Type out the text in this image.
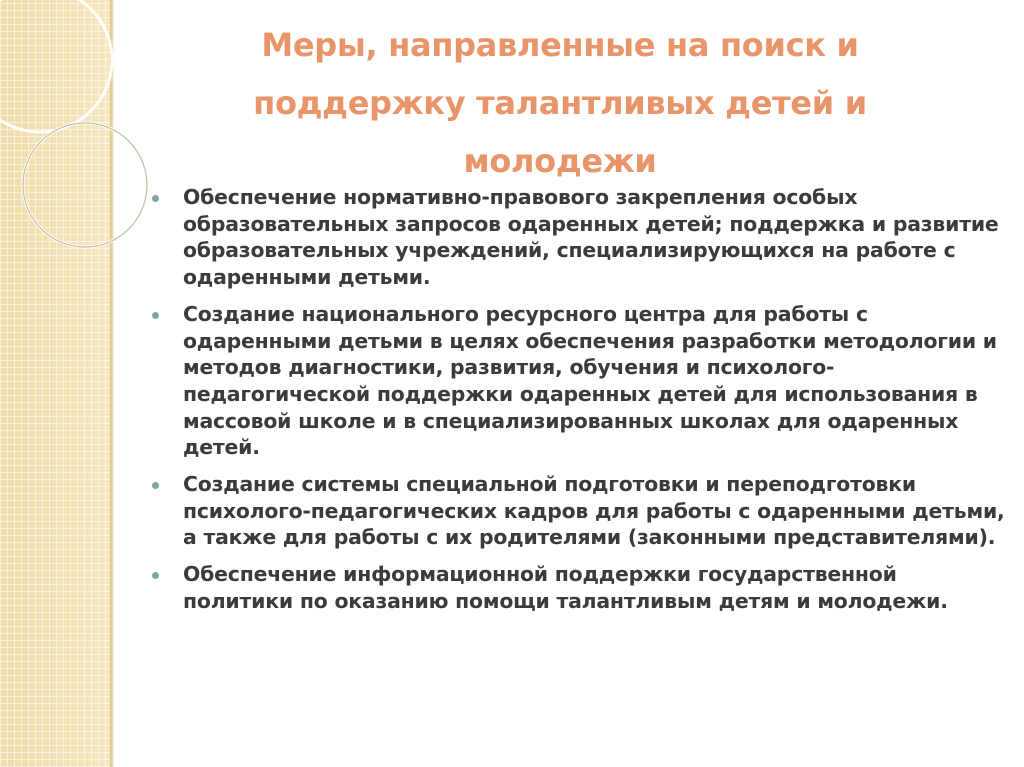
Меры, направленные на поиск и поддержку талантливых детей и молодежи
Обеспечение нормативно-правового закрепления особых образовательных запросов одаренных детей; поддержка и развитие образовательных учреждений, специализирующихся на работе с одаренными детьми.
Создание национального ресурсного центра для работы с одаренными детьми в целях обеспечения разработки методологии и методов диагностики, развития, обучения и психолого-педагогической поддержки одаренных детей для использования в массовой школе и в специализированных школах для одаренных детей.
Создание системы специальной подготовки и переподготовки психолого-педагогических кадров для работы с одаренными детьми, а также для работы с их родителями (законными представителями).
Обеспечение информационной поддержки государственной политики по оказанию помощи талантливым детям и молодежи.
